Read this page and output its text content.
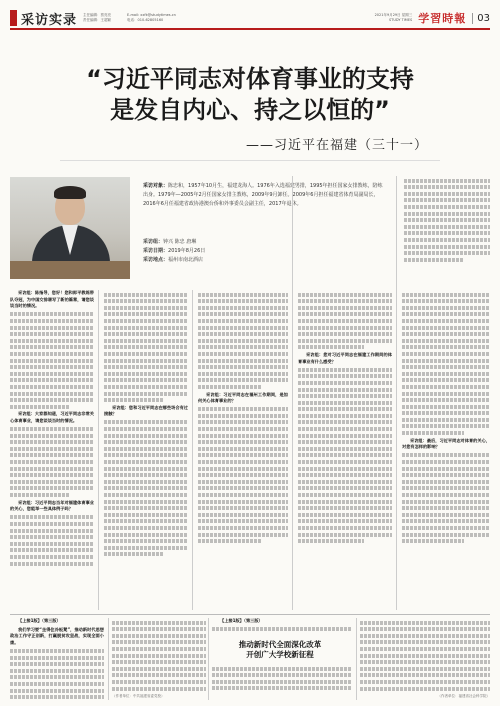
采访实录 主任编辑：蔡亮亮
责任编辑：王超颖
E-mail: xxfk@studytimes.cn
电话：010-62805160
2021年9月29日 星期三
STUDY TIMES 学習時報	03
“习近平同志对体育事业的支持
是发自内心、持之以恒的”
——习近平在福建（三十一）
采访对象：陈忠和，1957年10月生，福建龙海人。1976年入选福建男排，1995年担任国家女排教练，陪练出身。1979年—2005年2月任国家女排主教练，2009年9月卸任。2009年6月担任福建省体育局副局长，2016年6月任福建省政协港澳台侨和外事委员会副主任，2017年退休。
采访组：钟兴 陈忠 唐琳
采访日期：2019年8月26日
采访地点：福州市南北酒店

采访组：陈指导，您好！您和郎平教练带队夺冠，为中国女排谱写了新的篇章，请您谈谈当时的情况。

采访组：大家都知道，习近平同志非常关心体育事业，请您谈谈当时的情况。

采访组：习近平同志当年对福建体育事业的关心，您能举一些具体例子吗？

采访组：您和习近平同志在哪些场合有过接触？

采访组：习近平同志在福州工作期间，是如何关心体育事业的？

采访组：您对习近平同志在福建工作期间的体育事业有什么感受？

采访组：最后，习近平同志对体育的关心，对您有怎样的影响？

【上接1版】（第三版）

我们学习要“坐得住冷板凳”，推动新时代思想政治工作守正创新，打赢脱贫攻坚战，实现全面小康。

（作者单位：中共福建省委党校）

【上接1版】（第三版）

推动新时代全面深化改革
开创广大学校新征程
（作者单位：福建省社会科学院）
